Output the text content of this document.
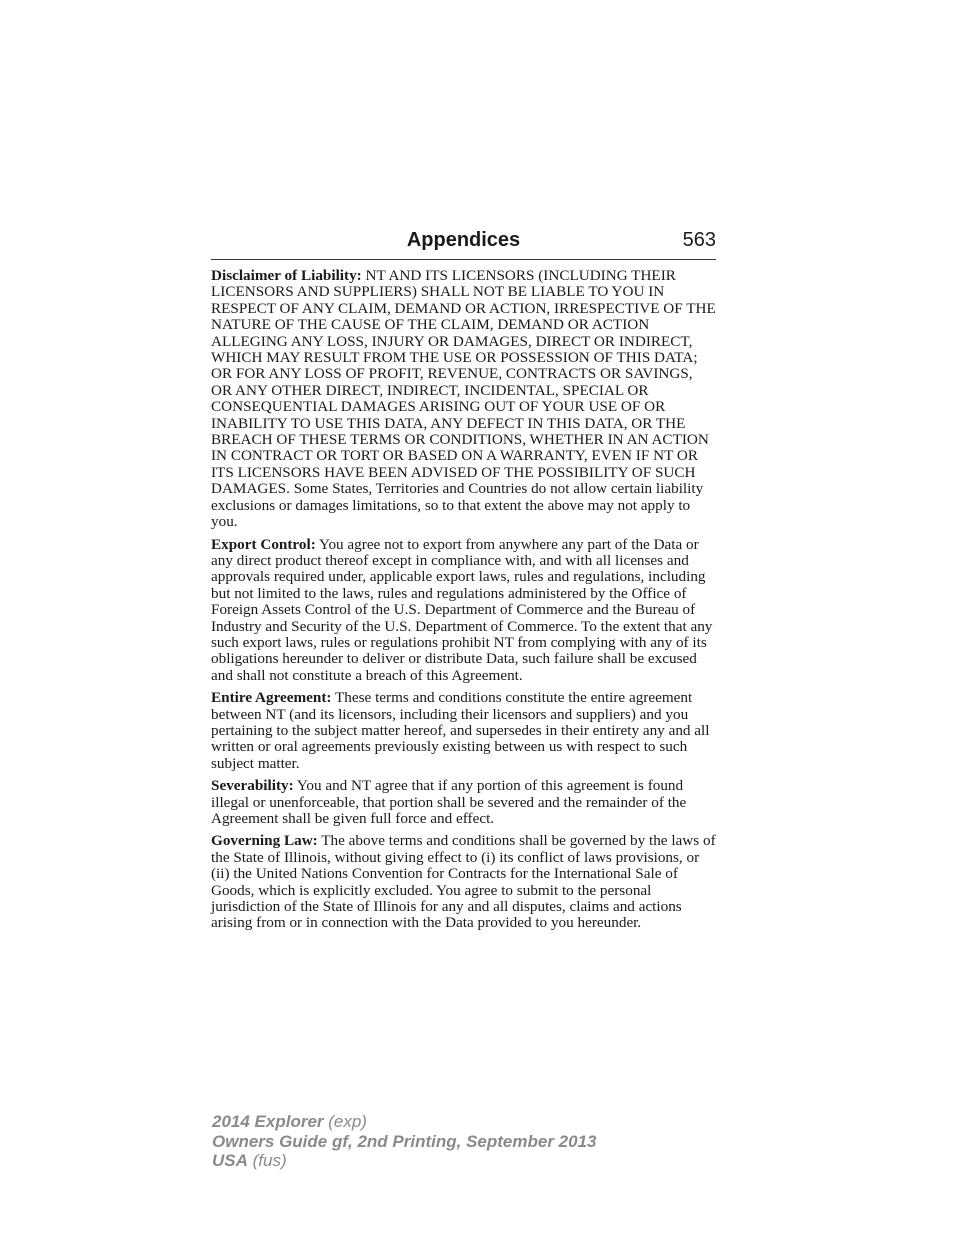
Appendices	563

Disclaimer of Liability: NT AND ITS LICENSORS (INCLUDING THEIR LICENSORS AND SUPPLIERS) SHALL NOT BE LIABLE TO YOU IN RESPECT OF ANY CLAIM, DEMAND OR ACTION, IRRESPECTIVE OF THE NATURE OF THE CAUSE OF THE CLAIM, DEMAND OR ACTION ALLEGING ANY LOSS, INJURY OR DAMAGES, DIRECT OR INDIRECT, WHICH MAY RESULT FROM THE USE OR POSSESSION OF THIS DATA; OR FOR ANY LOSS OF PROFIT, REVENUE, CONTRACTS OR SAVINGS, OR ANY OTHER DIRECT, INDIRECT, INCIDENTAL, SPECIAL OR CONSEQUENTIAL DAMAGES ARISING OUT OF YOUR USE OF OR INABILITY TO USE THIS DATA, ANY DEFECT IN THIS DATA, OR THE BREACH OF THESE TERMS OR CONDITIONS, WHETHER IN AN ACTION IN CONTRACT OR TORT OR BASED ON A WARRANTY, EVEN IF NT OR ITS LICENSORS HAVE BEEN ADVISED OF THE POSSIBILITY OF SUCH DAMAGES. Some States, Territories and Countries do not allow certain liability exclusions or damages limitations, so to that extent the above may not apply to you.

Export Control: You agree not to export from anywhere any part of the Data or any direct product thereof except in compliance with, and with all licenses and approvals required under, applicable export laws, rules and regulations, including but not limited to the laws, rules and regulations administered by the Office of Foreign Assets Control of the U.S. Department of Commerce and the Bureau of Industry and Security of the U.S. Department of Commerce. To the extent that any such export laws, rules or regulations prohibit NT from complying with any of its obligations hereunder to deliver or distribute Data, such failure shall be excused and shall not constitute a breach of this Agreement.

Entire Agreement: These terms and conditions constitute the entire agreement between NT (and its licensors, including their licensors and suppliers) and you pertaining to the subject matter hereof, and supersedes in their entirety any and all written or oral agreements previously existing between us with respect to such subject matter.

Severability: You and NT agree that if any portion of this agreement is found illegal or unenforceable, that portion shall be severed and the remainder of the Agreement shall be given full force and effect.

Governing Law: The above terms and conditions shall be governed by the laws of the State of Illinois, without giving effect to (i) its conflict of laws provisions, or (ii) the United Nations Convention for Contracts for the International Sale of Goods, which is explicitly excluded. You agree to submit to the personal jurisdiction of the State of Illinois for any and all disputes, claims and actions arising from or in connection with the Data provided to you hereunder.

2014 Explorer (exp)
Owners Guide gf, 2nd Printing, September 2013
USA (fus)
